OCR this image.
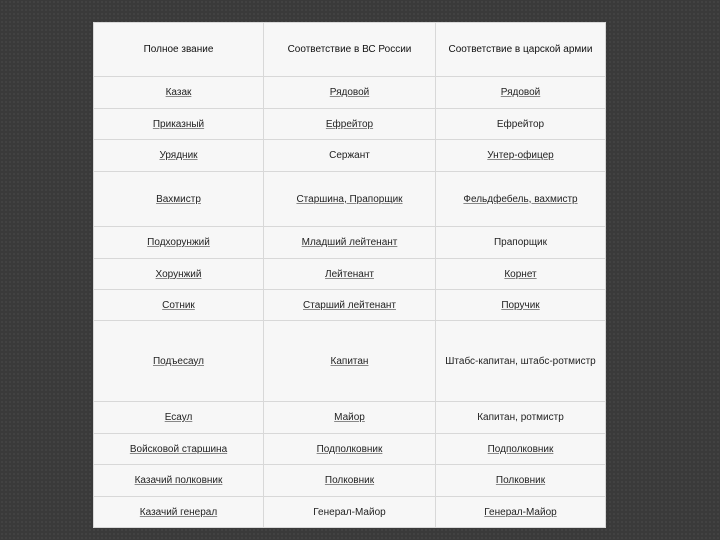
Полное звание	Соответствие в ВС России	Соответствие в царской армии
Казак	Рядовой	Рядовой
Приказный	Ефрейтор	Ефрейтор
Урядник	Сержант	Унтер-офицер
Вахмистр	Старшина, Прапорщик	Фельдфебель, вахмистр
Подхорунжий	Младший лейтенант	Прапорщик
Хорунжий	Лейтенант	Корнет
Сотник	Старший лейтенант	Поручик
Подъесаул	Капитан	Штабс-капитан, штабс-ротмистр
Есаул	Майор	Капитан, ротмистр
Войсковой старшина	Подполковник	Подполковник
Казачий полковник	Полковник	Полковник
Казачий генерал	Генерал-Майор	Генерал-Майор
